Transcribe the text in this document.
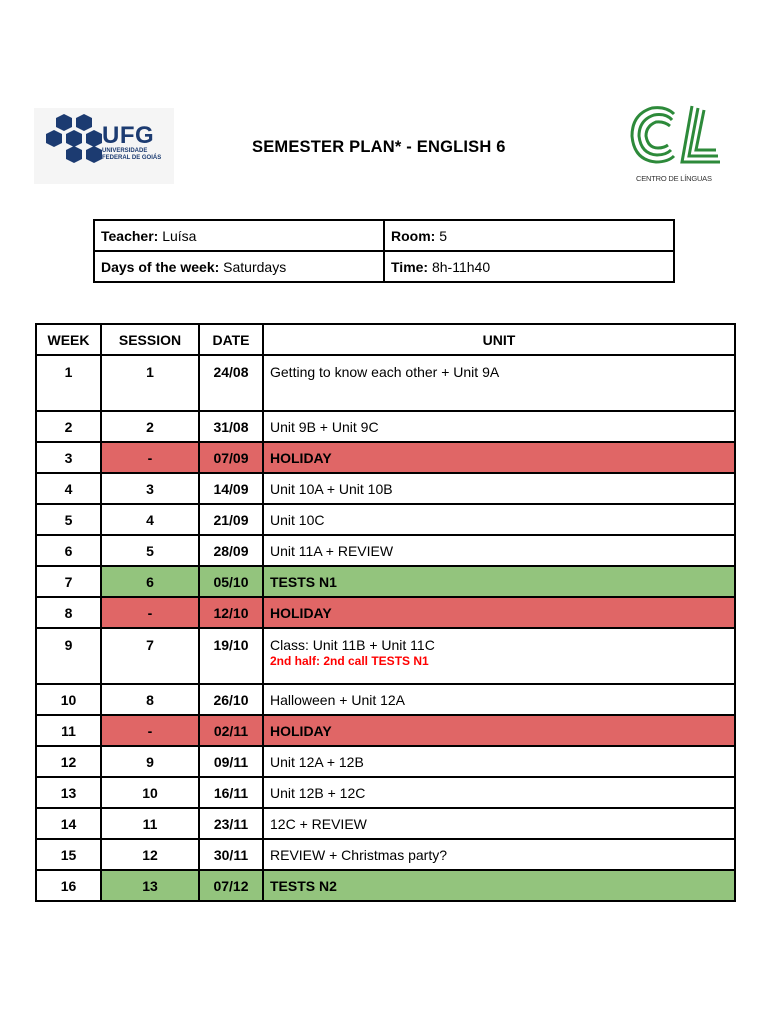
UFG
UNIVERSIDADE FEDERAL DE GOIÁS
SEMESTER PLAN* - ENGLISH 6
CENTRO DE LÍNGUAS
Teacher: Luísa	Room: 5
Days of the week: Saturdays	Time: 8h-11h40
WEEK	SESSION	DATE	UNIT
1	1	24/08	Getting to know each other + Unit 9A
2	2	31/08	Unit 9B + Unit 9C
3	-	07/09	HOLIDAY
4	3	14/09	Unit 10A + Unit 10B
5	4	21/09	Unit 10C
6	5	28/09	Unit 11A + REVIEW
7	6	05/10	TESTS N1
8	-	12/10	HOLIDAY
9	7	19/10	Class: Unit 11B + Unit 11C
2nd half: 2nd call TESTS N1

10	8	26/10	Halloween + Unit 12A
11	-	02/11	HOLIDAY
12	9	09/11	Unit 12A + 12B
13	10	16/11	Unit 12B + 12C
14	11	23/11	12C + REVIEW
15	12	30/11	REVIEW + Christmas party?
16	13	07/12	TESTS N2
